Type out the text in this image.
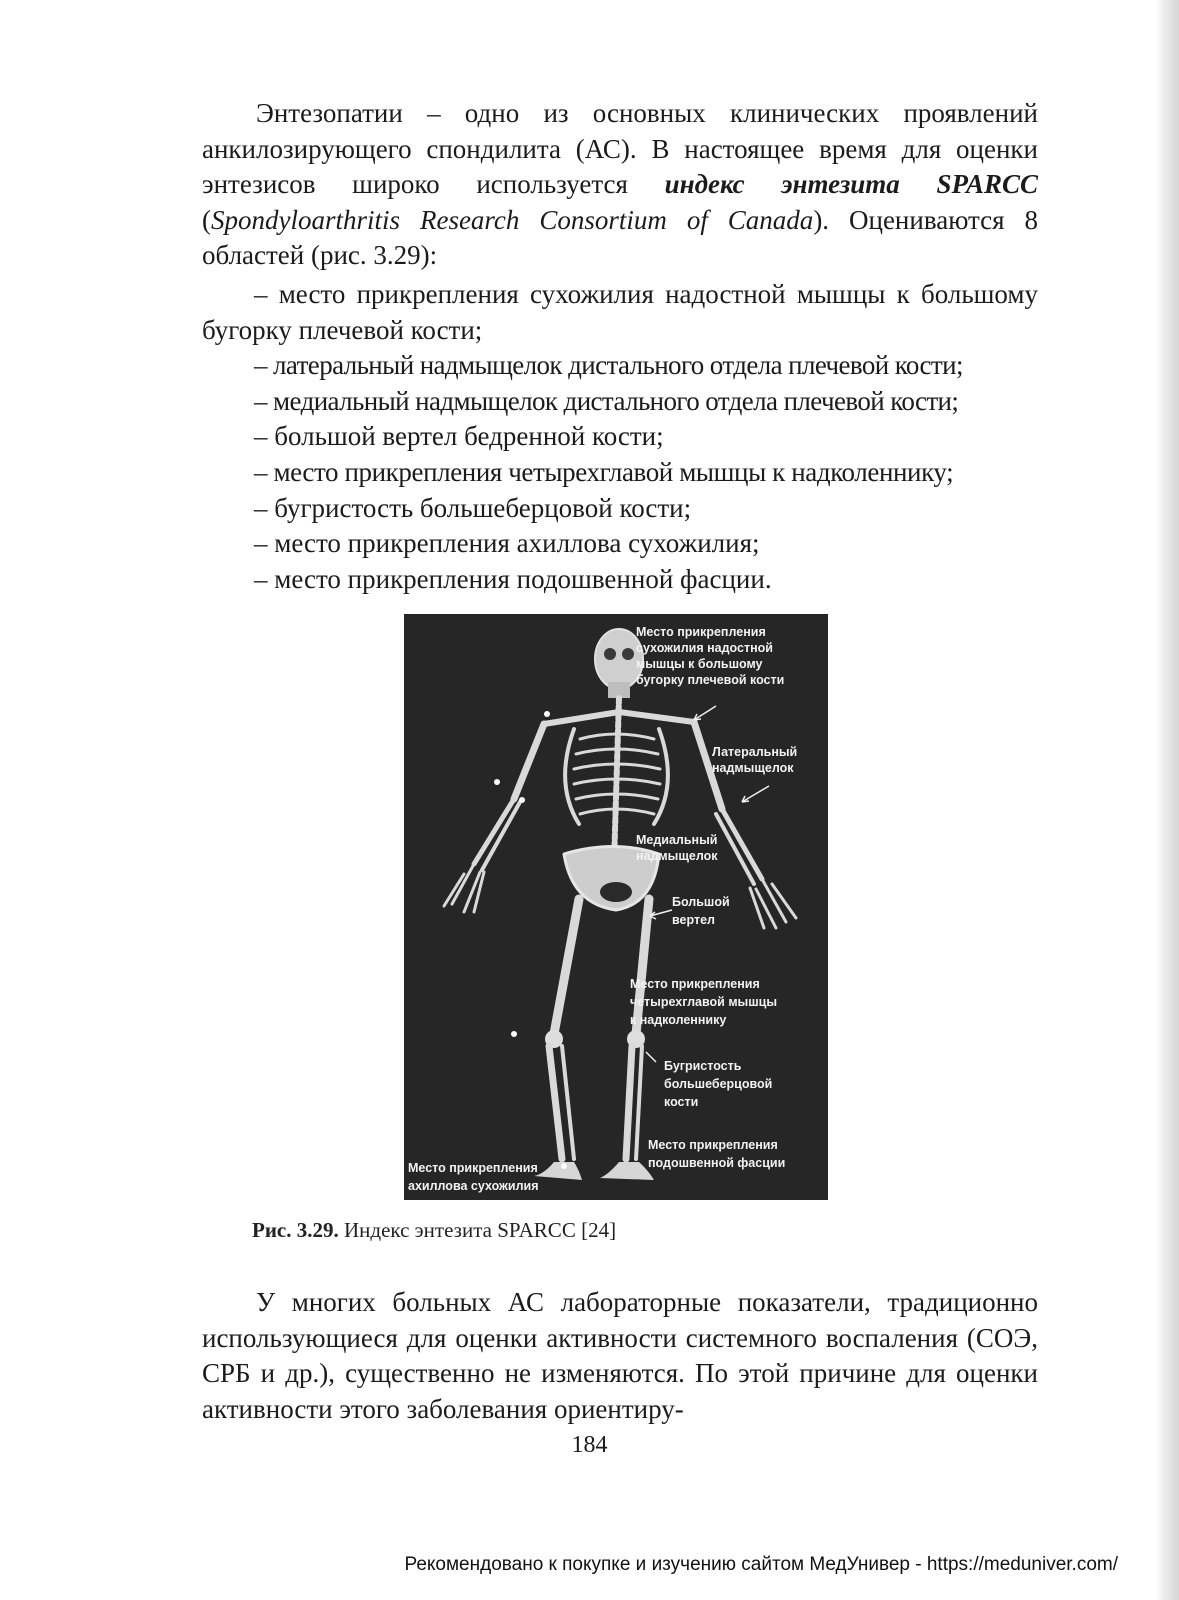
Энтезопатии – одно из основных клинических проявлений анкилозирующего спондилита (АС). В настоящее время для оценки энтезисов широко используется индекс энтезита SPARCC (Spondyloarthritis Research Consortium of Canada). Оцениваются 8 областей (рис. 3.29):

– место прикрепления сухожилия надостной мышцы к большому бугорку плечевой кости;
– латеральный надмыщелок дистального отдела плечевой кости;
– медиальный надмыщелок дистального отдела плечевой кости;
– большой вертел бедренной кости;
– место прикрепления четырехглавой мышцы к надколеннику;
– бугристость большеберцовой кости;
– место прикрепления ахиллова сухожилия;
– место прикрепления подошвенной фасции.
Место прикрепления сухожилия надостной мышцы к большому бугорку плечевой кости
Латеральный надмыщелок
Медиальный надмыщелок
Большой вертел
Место прикрепления четырехглавой мышцы к надколеннику
Бугристость большеберцовой кости
Место прикрепления подошвенной фасции
Место прикрепления ахиллова сухожилия
Рис. 3.29. Индекс энтезита SPARCC [24]

У многих больных АС лабораторные показатели, традиционно использующиеся для оценки активности системного воспаления (СОЭ, СРБ и др.), существенно не изменяются. По этой причине для оценки активности этого заболевания ориентиру-

184
Рекомендовано к покупке и изучению сайтом МедУнивер - https://meduniver.com/
